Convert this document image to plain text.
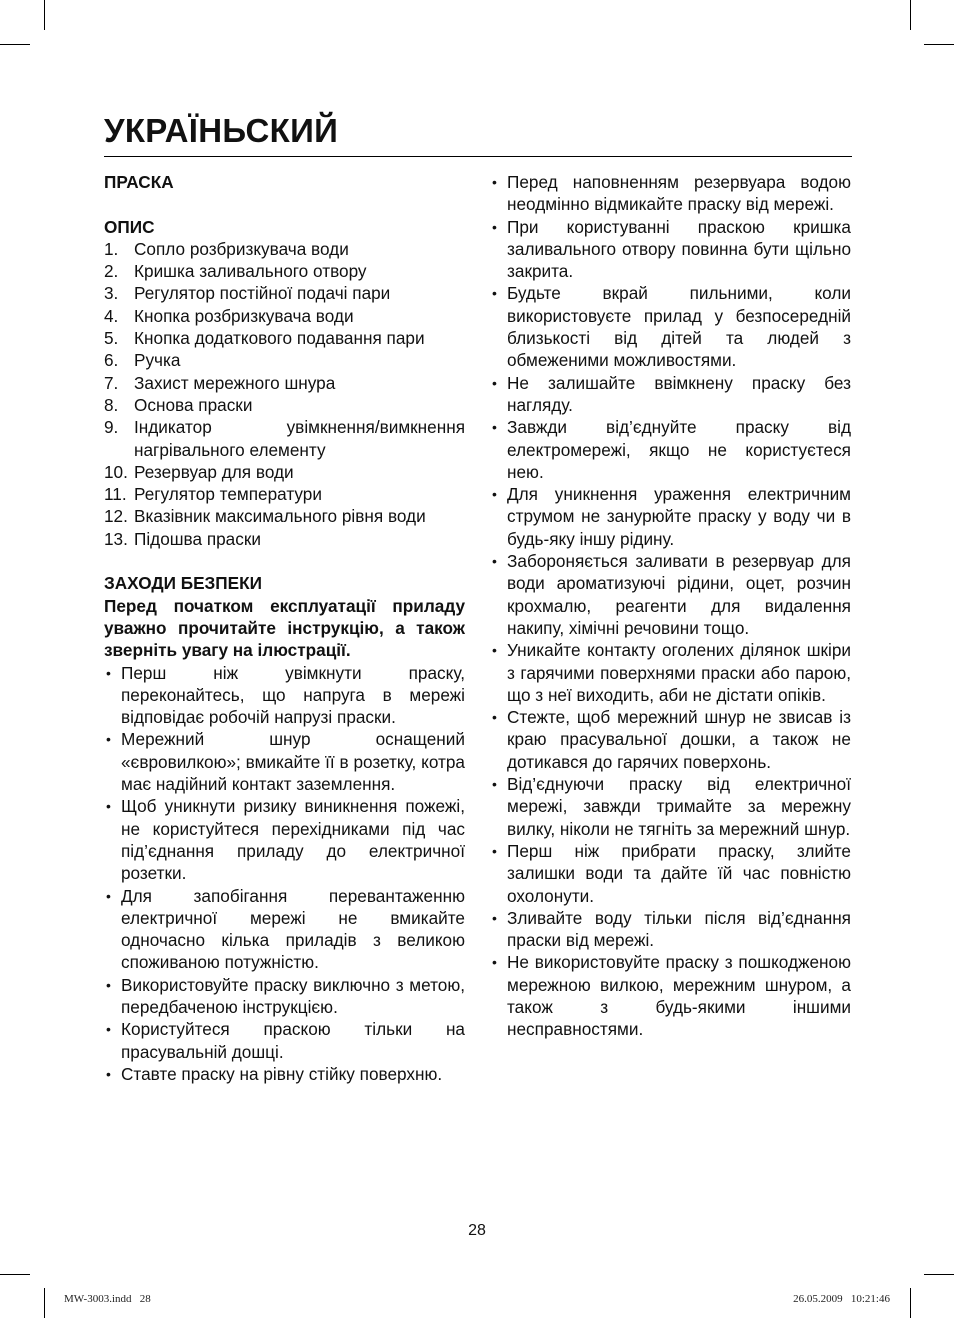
УКРАЇНЬСКИЙ

ПРАСКА

ОПИС

1. Сопло розбризкувача води
2. Кришка заливального отвору
3. Регулятор постійної подачі пари
4. Кнопка розбризкувача води
5. Кнопка додаткового подавання пари
6. Ручка
7. Захист мережного шнура
8. Основа праски
9. Індикатор увімкнення/вимкнення нагрівального елементу
10. Резервуар для води
11. Регулятор температури
12. Вказівник максимального рівня води
13. Підошва праски

ЗАХОДИ БЕЗПЕКИ

Перед початком експлуатації приладу уважно прочитайте інструкцію, а також зверніть увагу на ілюстрації.

• Перш ніж увімкнути праску, переконайтесь, що напруга в мережі відповідає робочій напрузі праски.
• Мережний шнур оснащений «євровилкою»; вмикайте її в розетку, котра має надійний контакт заземлення.
• Щоб уникнути ризику виникнення пожежі, не користуйтеся перехідниками під час під’єднання приладу до електричної розетки.
• Для запобігання перевантаженню електричної мережі не вмикайте одночасно кілька приладів з великою споживаною потужністю.
• Використовуйте праску виключно з метою, передбаченою інструкцією.
• Користуйтеся праскою тільки на прасувальній дошці.
• Ставте праску на рівну стійку поверхню.
• Перед наповненням резервуара водою неодмінно відмикайте праску від мережі.
• При користуванні праскою кришка заливального отвору повинна бути щільно закрита.
• Будьте вкрай пильними, коли використовуєте прилад у безпосередній близькості від дітей та людей з обмеженими можливостями.
• Не залишайте ввімкнену праску без нагляду.
• Завжди від’єднуйте праску від електромережі, якщо не користуєтеся нею.
• Для уникнення ураження електричним струмом не занурюйте праску у воду чи в будь-яку іншу рідину.
• Забороняється заливати в резервуар для води ароматизуючі рідини, оцет, розчин крохмалю, реагенти для видалення накипу, хімічні речовини тощо.
• Уникайте контакту оголених ділянок шкіри з гарячими поверхнями праски або парою, що з неї виходить, аби не дістати опіків.
• Стежте, щоб мережний шнур не звисав із краю прасувальної дошки, а також не дотикався до гарячих поверхонь.
• Від’єднуючи праску від електричної мережі, завжди тримайте за мережну вилку, ніколи не тягніть за мережний шнур.
• Перш ніж прибрати праску, злийте залишки води та дайте їй час повністю охолонути.
• Зливайте воду тільки після від’єднання праски від мережі.
• Не використовуйте праску з пошкодженою мережною вилкою, мережним шнуром, а також з будь-якими іншими несправностями.
28
MW-3003.indd   28	26.05.2009   10:21:46
